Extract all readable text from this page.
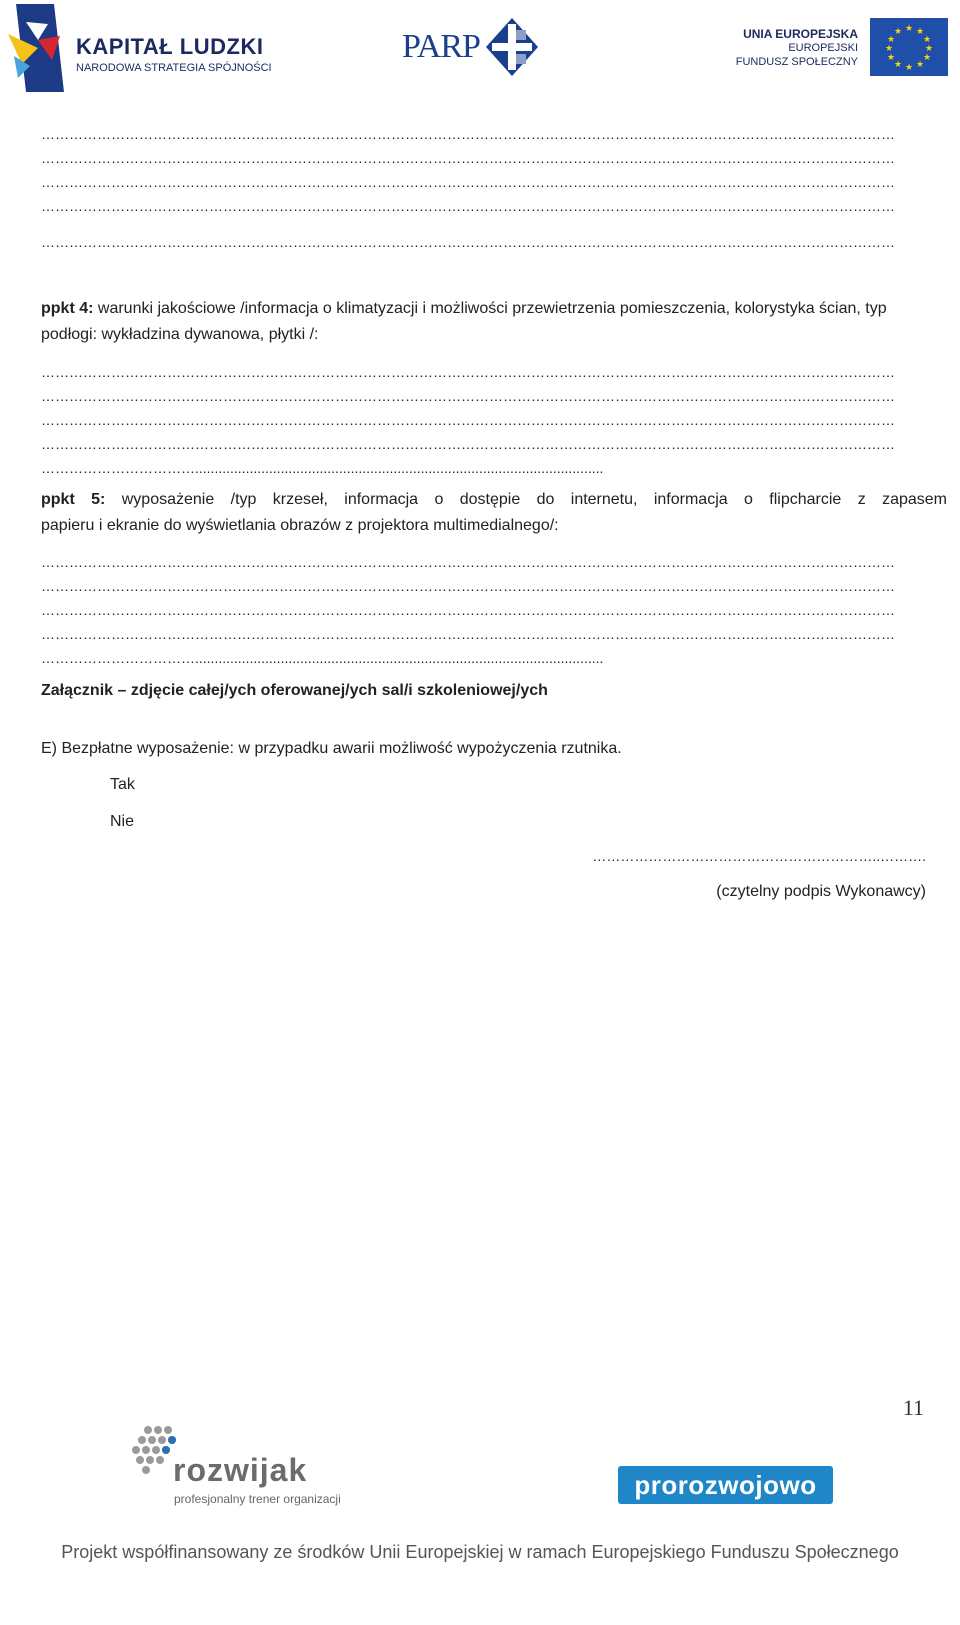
KAPITAŁ LUDZKI
NARODOWA STRATEGIA SPÓJNOŚCI
PARP	UNIA EUROPEJSKA
EUROPEJSKI
FUNDUSZ SPOŁECZNY
★ ★
★
★
★
★
★
★
★
★
★
★
…………………………………………………………………………………………………………………………………………………………………
…………………………………………………………………………………………………………………………………………………………………
…………………………………………………………………………………………………………………………………………………………………
…………………………………………………………………………………………………………………………………………………………………
…………………………………………………………………………………………………………………………………………………………………
ppkt 4: warunki jakościowe /informacja o klimatyzacji i możliwości przewietrzenia pomieszczenia, kolorystyka ścian, typ podłogi: wykładzina dywanowa, płytki /:
…………………………………………………………………………………………………………………………………………………………………
…………………………………………………………………………………………………………………………………………………………………
…………………………………………………………………………………………………………………………………………………………………
…………………………………………………………………………………………………………………………………………………………………
…………………………….........................................................................................................
ppkt 5: wyposażenie /typ krzeseł, informacja o dostępie do internetu, informacja o flipcharcie z zapasem
papieru i ekranie do wyświetlania obrazów z projektora multimedialnego/:
…………………………………………………………………………………………………………………………………………………………………
…………………………………………………………………………………………………………………………………………………………………
…………………………………………………………………………………………………………………………………………………………………
…………………………………………………………………………………………………………………………………………………………………
…………………………….........................................................................................................
Załącznik – zdjęcie całej/ych oferowanej/ych sal/i szkoleniowej/ych
E) Bezpłatne wyposażenie: w przypadku awarii możliwość wypożyczenia rzutnika.
Tak
Nie
……………………………………………………..……….
(czytelny podpis Wykonawcy)
11
rozwijak
profesjonalny trener organizacji	prorozwojowo
Projekt współfinansowany ze środków Unii Europejskiej w ramach Europejskiego Funduszu Społecznego
